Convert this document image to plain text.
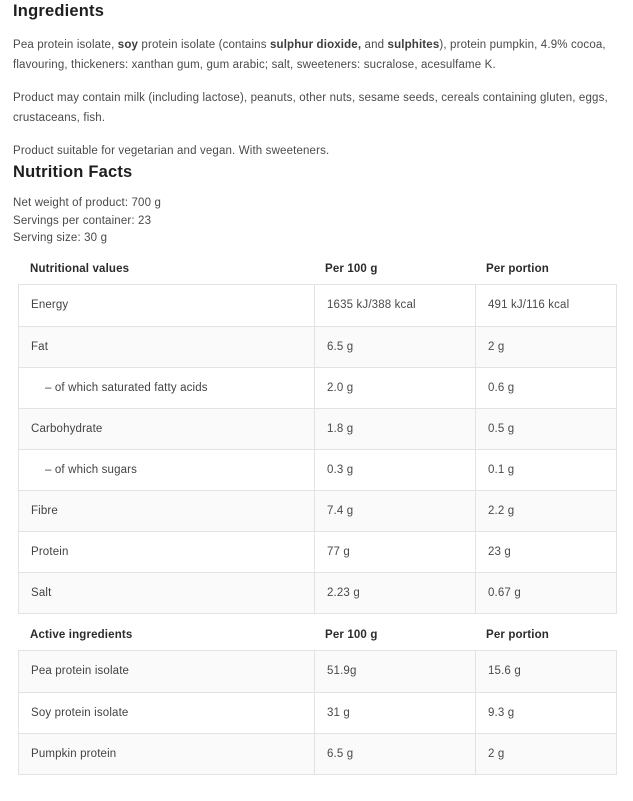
Ingredients

Pea protein isolate, soy protein isolate (contains sulphur dioxide, and sulphites), protein pumpkin, 4.9% cocoa, flavouring, thickeners: xanthan gum, gum arabic; salt, sweeteners: sucralose, acesulfame K.

Product may contain milk (including lactose), peanuts, other nuts, sesame seeds, cereals containing gluten, eggs, crustaceans, fish.

Product suitable for vegetarian and vegan. With sweeteners.

Nutrition Facts

Net weight of product: 700 g

Servings per container: 23

Serving size: 30 g

Nutritional values	Per 100 g	Per portion
Energy	1635 kJ/388 kcal	491 kJ/116 kcal
Fat	6.5 g	2 g
– of which saturated fatty acids	2.0 g	0.6 g
Carbohydrate	1.8 g	0.5 g
– of which sugars	0.3 g	0.1 g
Fibre	7.4 g	2.2 g
Protein	77 g	23 g
Salt	2.23 g	0.67 g
Active ingredients	Per 100 g	Per portion
Pea protein isolate	51.9g	15.6 g
Soy protein isolate	31 g	9.3 g
Pumpkin protein	6.5 g	2 g
